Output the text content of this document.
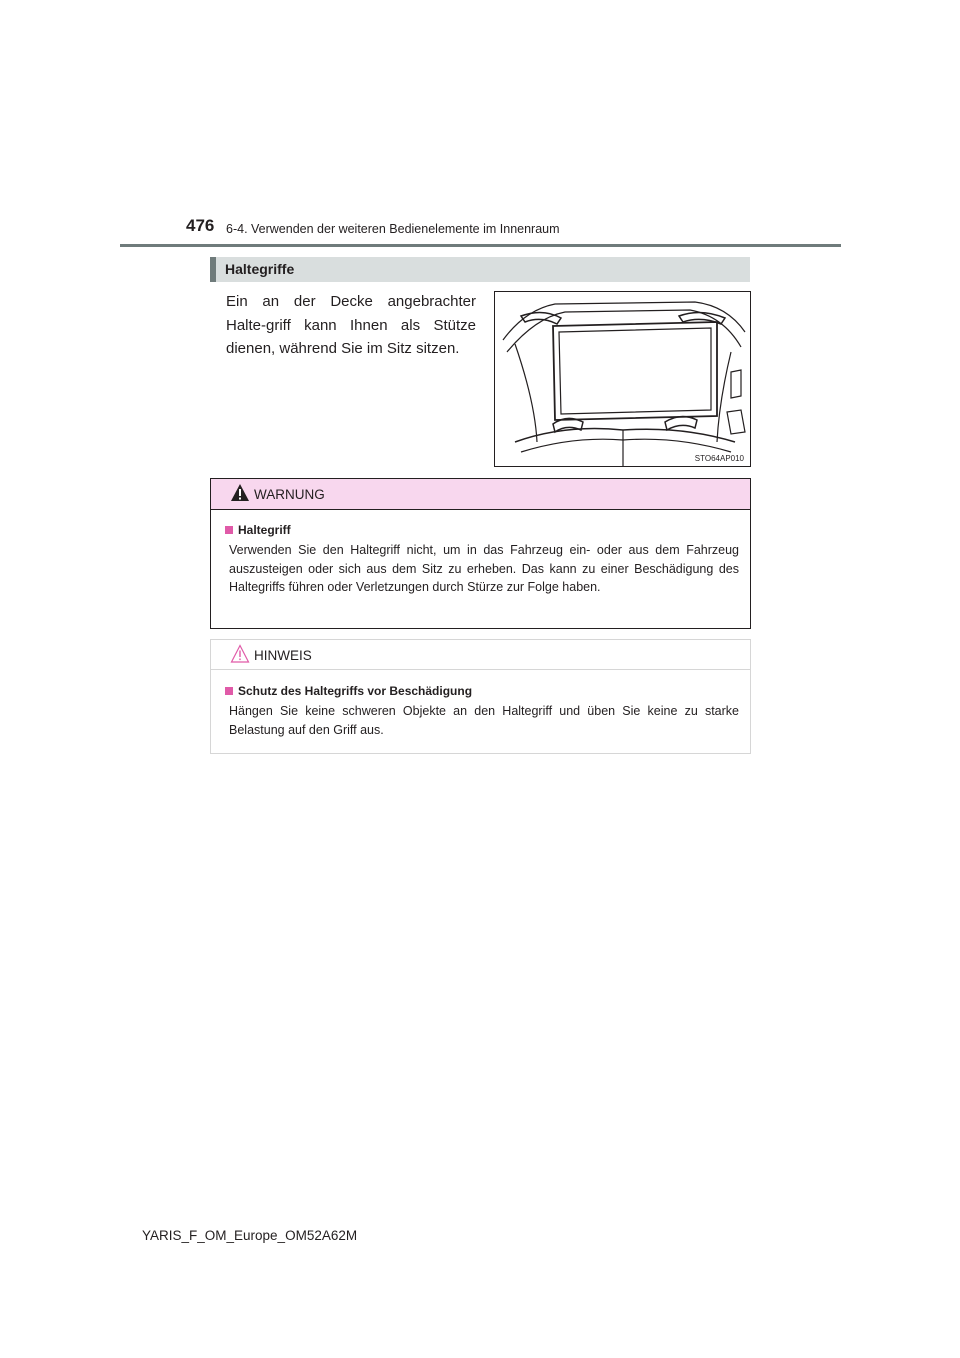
476 6-4. Verwenden der weiteren Bedienelemente im Innenraum
Haltegriffe
Ein an der Decke angebrachter Halte-griff kann Ihnen als Stütze dienen, während Sie im Sitz sitzen.
STO64AP010
WARNUNG
Haltegriff
Verwenden Sie den Haltegriff nicht, um in das Fahrzeug ein- oder aus dem Fahrzeug auszusteigen oder sich aus dem Sitz zu erheben. Das kann zu einer Beschädigung des Haltegriffs führen oder Verletzungen durch Stürze zur Folge haben.
HINWEIS
Schutz des Haltegriffs vor Beschädigung
Hängen Sie keine schweren Objekte an den Haltegriff und üben Sie keine zu starke Belastung auf den Griff aus.
YARIS_F_OM_Europe_OM52A62M
